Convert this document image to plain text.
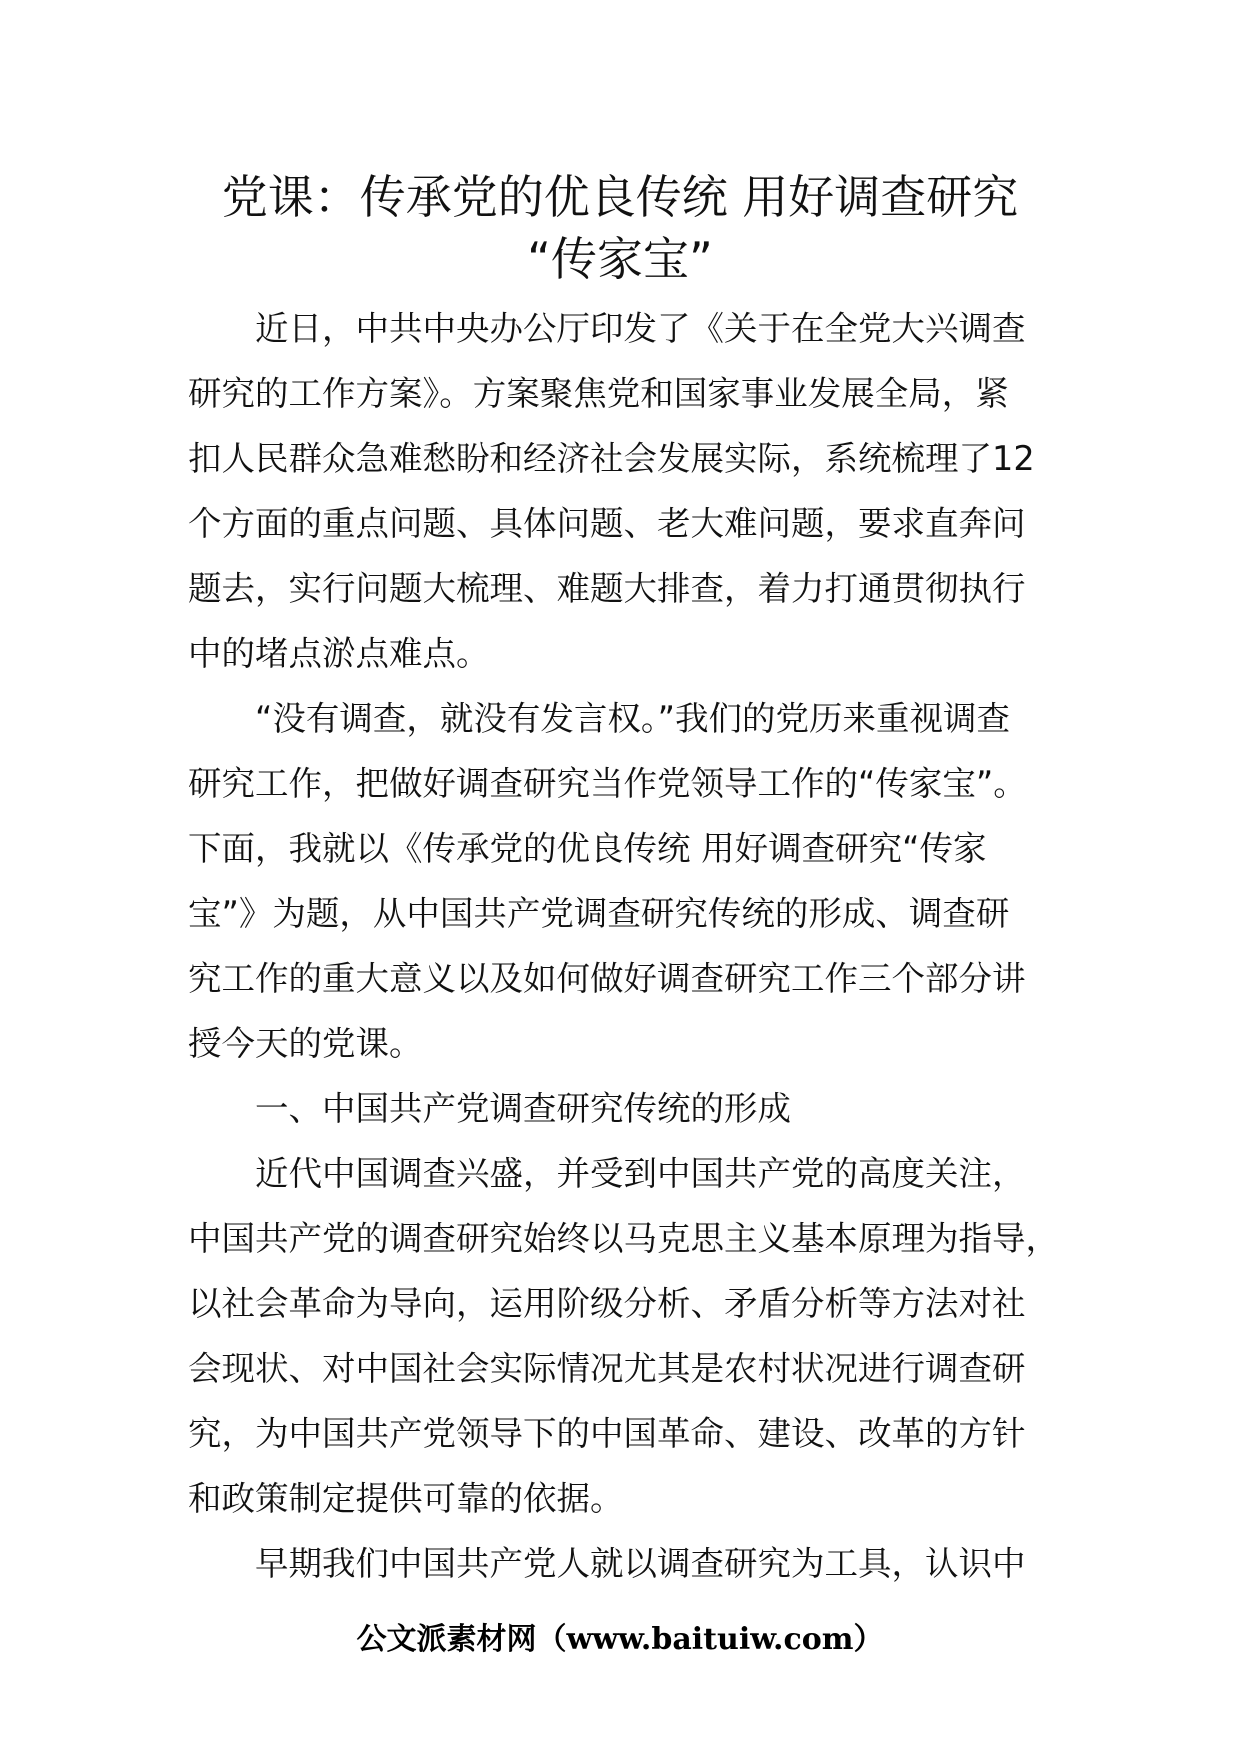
党课：传承党的优良传统 用好调查研究
“传家宝”

近日，中共中央办公厅印发了《关于在全党大兴调查

研究的工作方案》。方案聚焦党和国家事业发展全局，紧

扣人民群众急难愁盼和经济社会发展实际，系统梳理了12

个方面的重点问题、具体问题、老大难问题，要求直奔问

题去，实行问题大梳理、难题大排查，着力打通贯彻执行

中的堵点淤点难点。

“没有调查，就没有发言权。”我们的党历来重视调查

研究工作，把做好调查研究当作党领导工作的“传家宝”。

下面，我就以《传承党的优良传统 用好调查研究“传家

宝”》为题，从中国共产党调查研究传统的形成、调查研

究工作的重大意义以及如何做好调查研究工作三个部分讲

授今天的党课。

一、中国共产党调查研究传统的形成

近代中国调查兴盛，并受到中国共产党的高度关注，

中国共产党的调查研究始终以马克思主义基本原理为指导，

以社会革命为导向，运用阶级分析、矛盾分析等方法对社

会现状、对中国社会实际情况尤其是农村状况进行调查研

究，为中国共产党领导下的中国革命、建设、改革的方针

和政策制定提供可靠的依据。

早期我们中国共产党人就以调查研究为工具，认识中

公文派素材网（www.baituiw.com）
